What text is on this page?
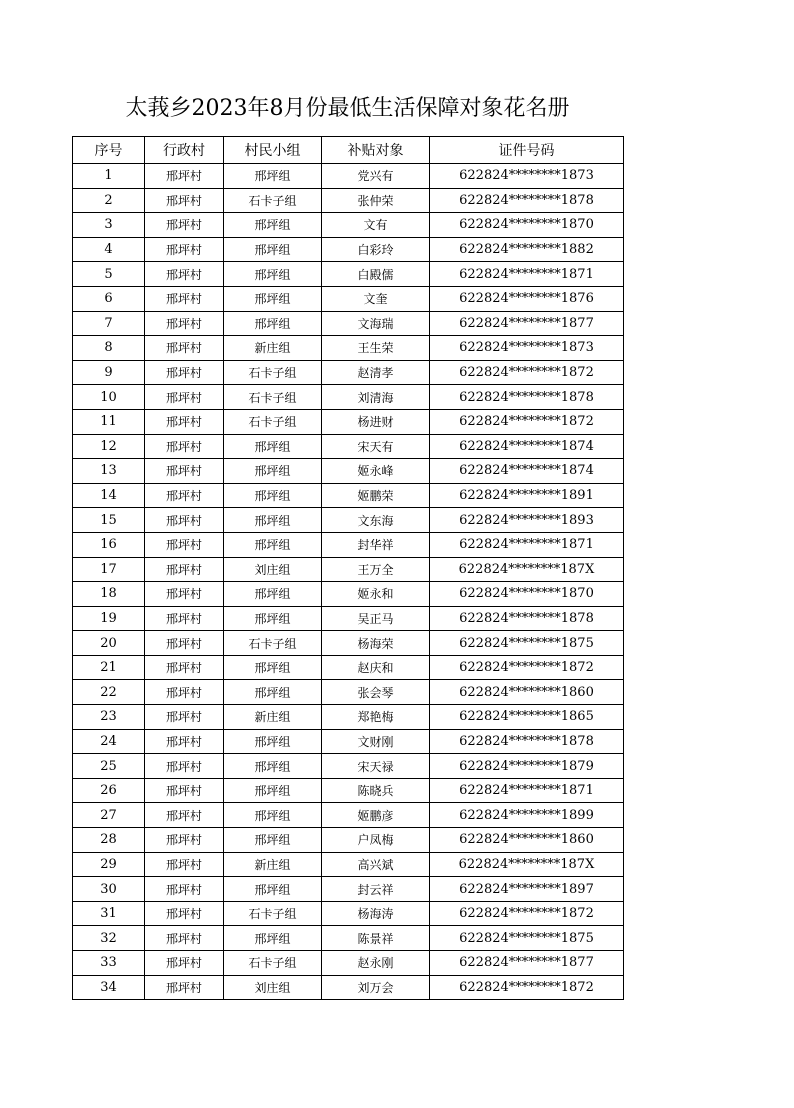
太莪乡2023年8月份最低生活保障对象花名册
序号	行政村	村民小组	补贴对象	证件号码
1	邢坪村	邢坪组	党兴有	622824********1873
2	邢坪村	石卡子组	张仲荣	622824********1878
3	邢坪村	邢坪组	文有	622824********1870
4	邢坪村	邢坪组	白彩玲	622824********1882
5	邢坪村	邢坪组	白殿儒	622824********1871
6	邢坪村	邢坪组	文奎	622824********1876
7	邢坪村	邢坪组	文海瑞	622824********1877
8	邢坪村	新庄组	王生荣	622824********1873
9	邢坪村	石卡子组	赵清孝	622824********1872
10	邢坪村	石卡子组	刘清海	622824********1878
11	邢坪村	石卡子组	杨进财	622824********1872
12	邢坪村	邢坪组	宋天有	622824********1874
13	邢坪村	邢坪组	姬永峰	622824********1874
14	邢坪村	邢坪组	姬鹏荣	622824********1891
15	邢坪村	邢坪组	文东海	622824********1893
16	邢坪村	邢坪组	封华祥	622824********1871
17	邢坪村	刘庄组	王万全	622824********187X
18	邢坪村	邢坪组	姬永和	622824********1870
19	邢坪村	邢坪组	吴正马	622824********1878
20	邢坪村	石卡子组	杨海荣	622824********1875
21	邢坪村	邢坪组	赵庆和	622824********1872
22	邢坪村	邢坪组	张会琴	622824********1860
23	邢坪村	新庄组	郑艳梅	622824********1865
24	邢坪村	邢坪组	文财刚	622824********1878
25	邢坪村	邢坪组	宋天禄	622824********1879
26	邢坪村	邢坪组	陈晓兵	622824********1871
27	邢坪村	邢坪组	姬鹏彦	622824********1899
28	邢坪村	邢坪组	户凤梅	622824********1860
29	邢坪村	新庄组	高兴斌	622824********187X
30	邢坪村	邢坪组	封云祥	622824********1897
31	邢坪村	石卡子组	杨海涛	622824********1872
32	邢坪村	邢坪组	陈景祥	622824********1875
33	邢坪村	石卡子组	赵永刚	622824********1877
34	邢坪村	刘庄组	刘万会	622824********1872
